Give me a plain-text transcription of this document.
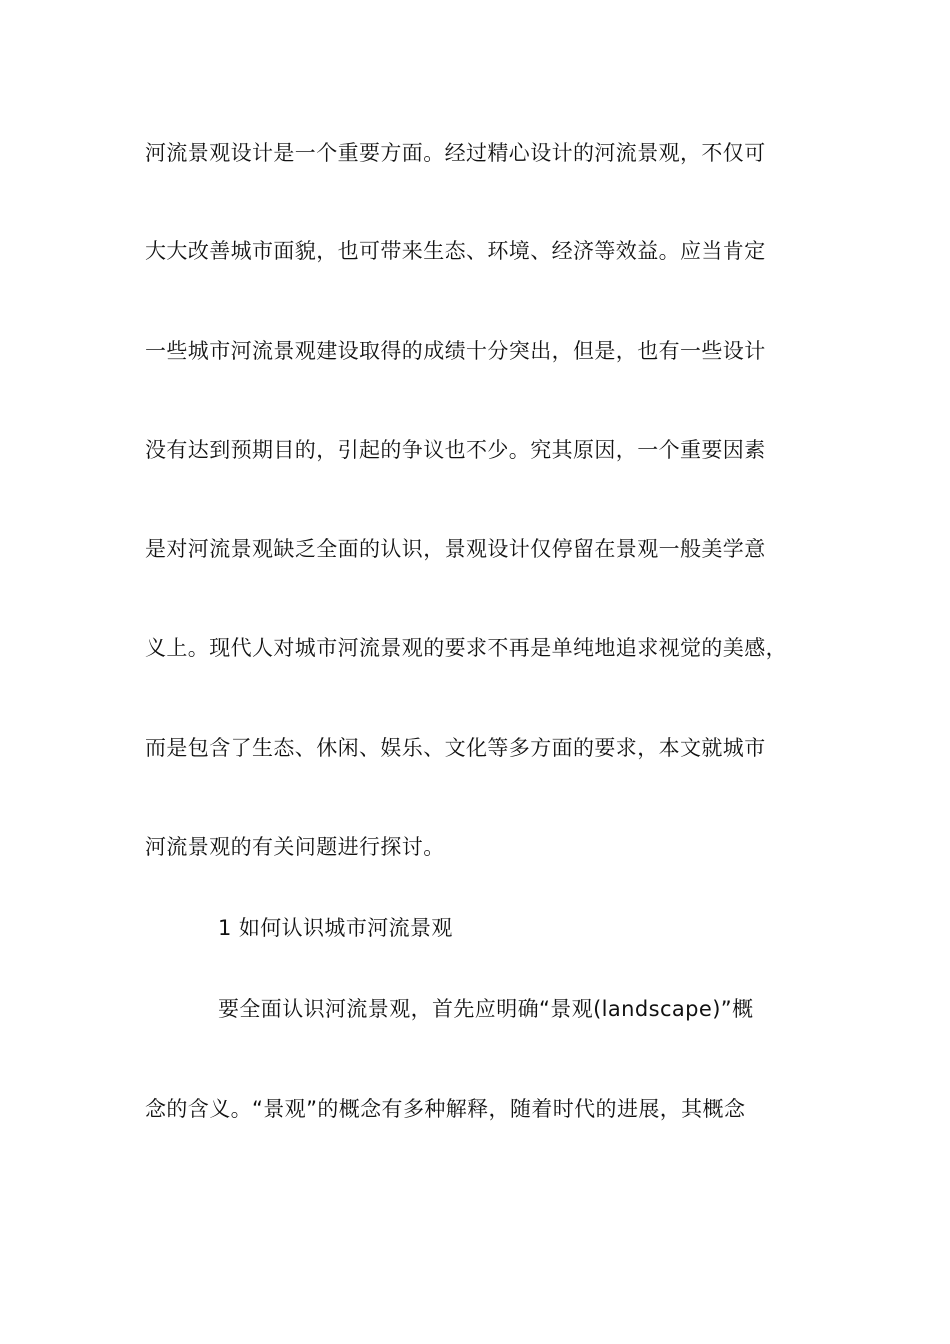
河流景观设计是一个重要方面。经过精心设计的河流景观，不仅可
大大改善城市面貌，也可带来生态、环境、经济等效益。应当肯定
一些城市河流景观建设取得的成绩十分突出，但是，也有一些设计
没有达到预期目的，引起的争议也不少。究其原因，一个重要因素
是对河流景观缺乏全面的认识，景观设计仅停留在景观一般美学意
义上。现代人对城市河流景观的要求不再是单纯地追求视觉的美感，
而是包含了生态、休闲、娱乐、文化等多方面的要求，本文就城市
河流景观的有关问题进行探讨。
1 如何认识城市河流景观
要全面认识河流景观，首先应明确“景观(landscape)”概
念的含义。“景观”的概念有多种解释，随着时代的进展，其概念
